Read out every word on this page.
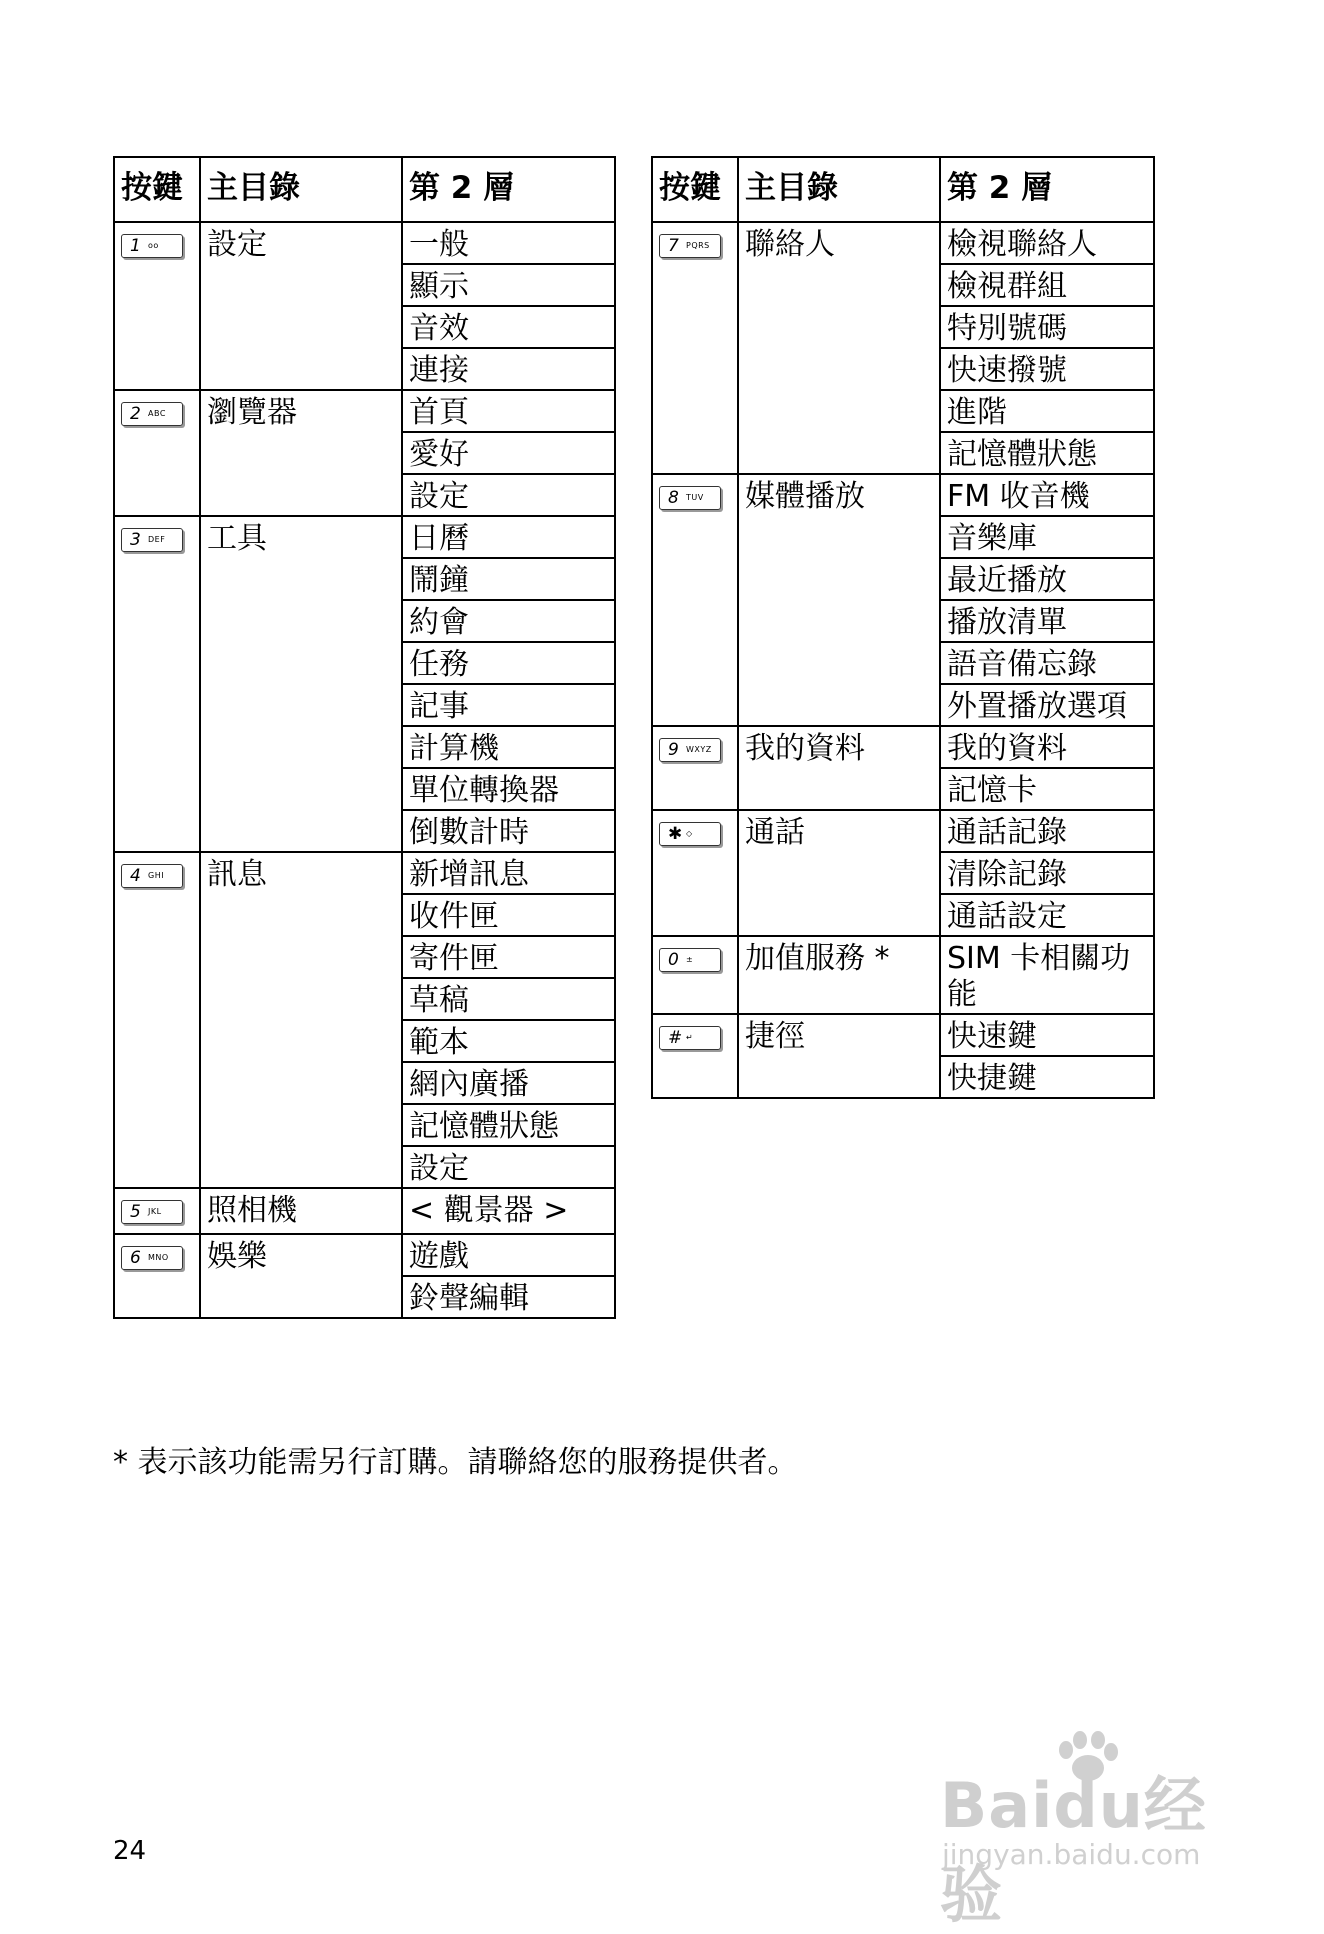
按鍵	主目錄	第 2 層

1 ᴏᴏ	設定	一般
		顯示
		音效
		連接

2 ABC	瀏覽器	首頁
		愛好
		設定

3 DEF	工具	日曆
		鬧鐘
		約會
		任務
		記事
		計算機
		單位轉換器
		倒數計時

4 GHI	訊息	新增訊息
		收件匣
		寄件匣
		草稿
		範本
		網內廣播
		記憶體狀態
		設定

5 JKL	照相機	< 觀景器 >

6 MNO	娛樂	遊戲
		鈴聲編輯
按鍵	主目錄	第 2 層

7 PQRS	聯絡人	檢視聯絡人
		檢視群組
		特別號碼
		快速撥號
		進階
		記憶體狀態

8 TUV	媒體播放	FM 收音機
		音樂庫
		最近播放
		播放清單
		語音備忘錄
		外置播放選項

9 WXYZ	我的資料	我的資料
		記憶卡

✱ ◇	通話	通話記錄
		清除記錄
		通話設定

0 ±	加值服務 *	SIM 卡相關功能

# ↵	捷徑	快速鍵
		快捷鍵
* 表示該功能需另行訂購。請聯絡您的服務提供者。
24
Baidu经验
jingyan.baidu.com
